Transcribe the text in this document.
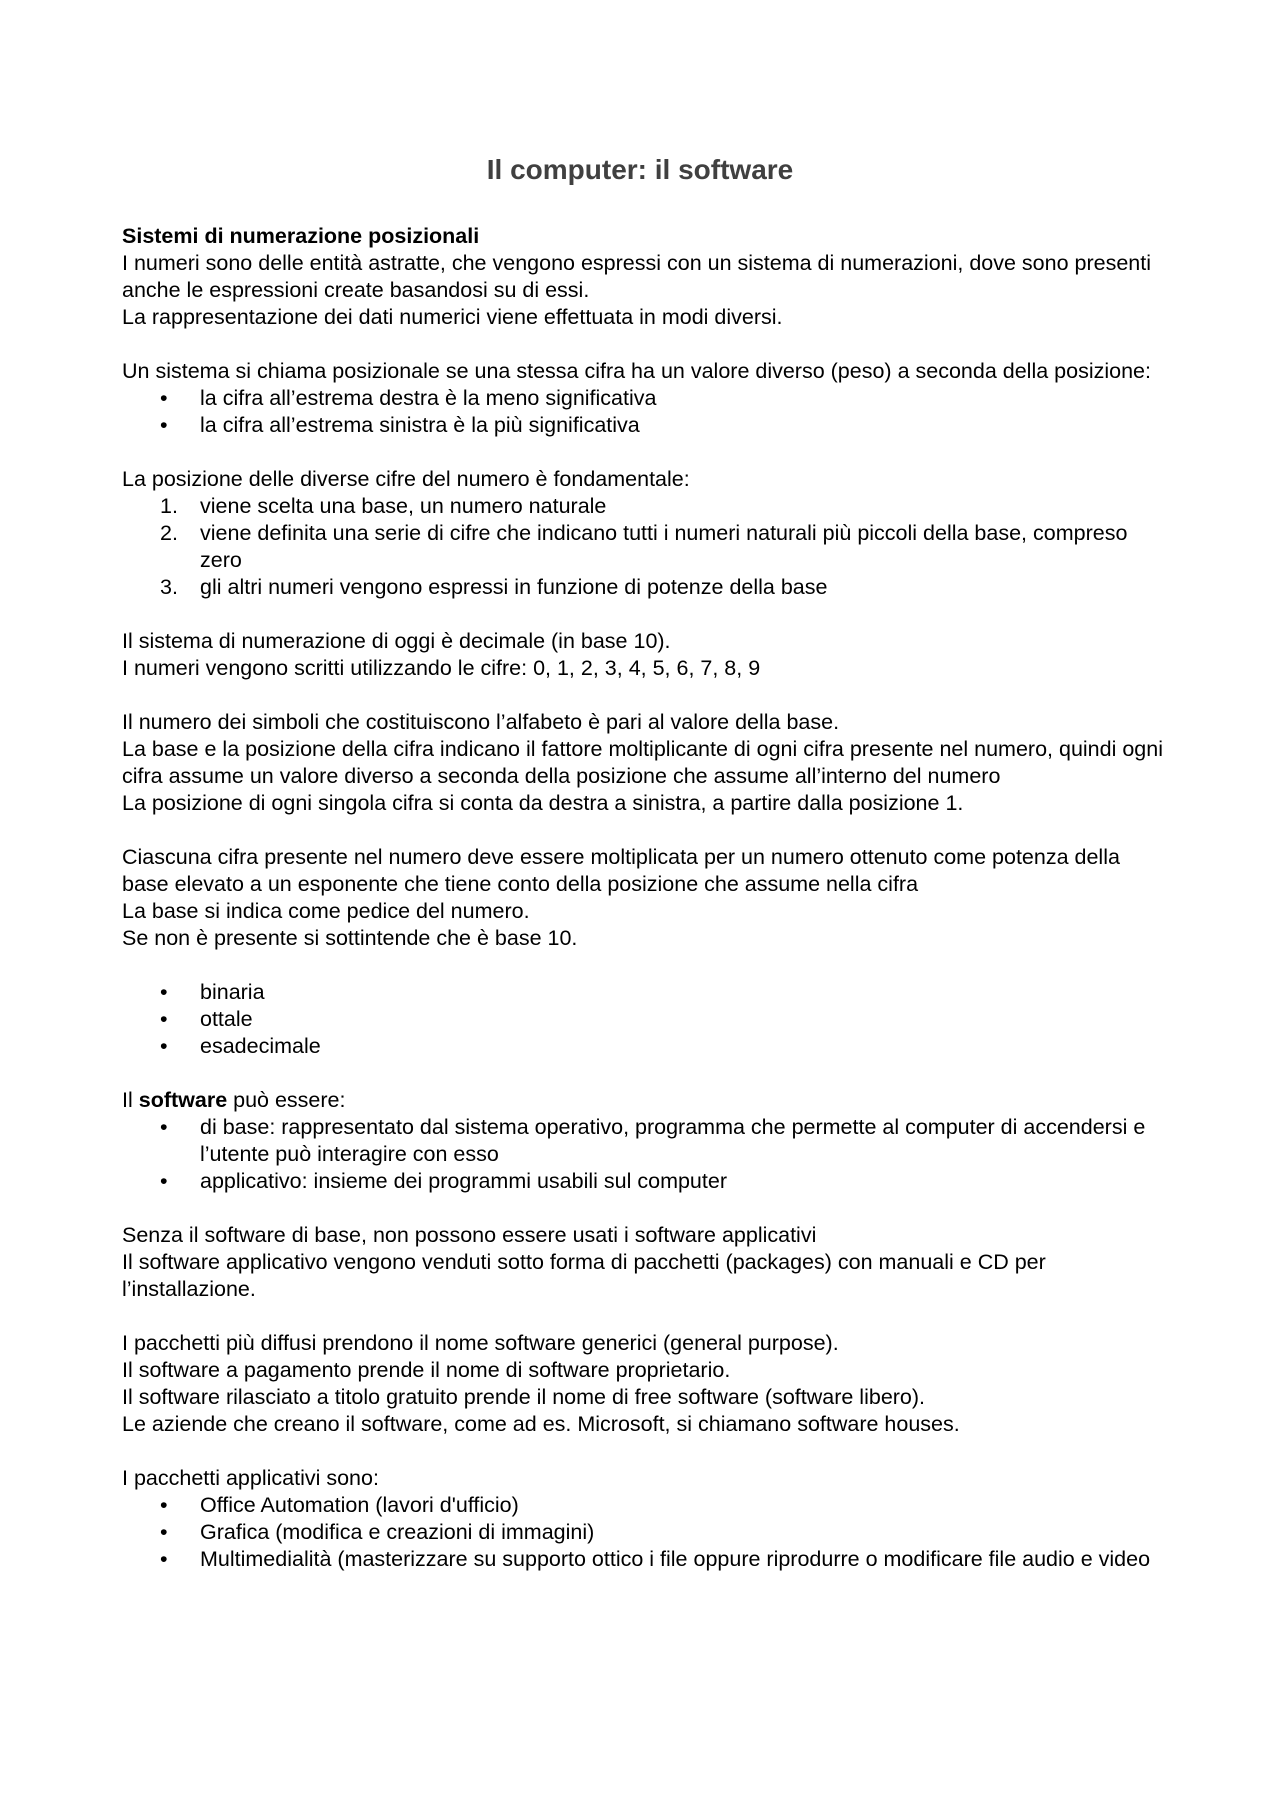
Il computer: il software

Sistemi di numerazione posizionali

I numeri sono delle entità astratte, che vengono espressi con un sistema di numerazioni, dove sono presenti anche le espressioni create basandosi su di essi.

La rappresentazione dei dati numerici viene effettuata in modi diversi.

Un sistema si chiama posizionale se una stessa cifra ha un valore diverso (peso) a seconda della posizione:

• la cifra all’estrema destra è la meno significativa
• la cifra all’estrema sinistra è la più significativa

La posizione delle diverse cifre del numero è fondamentale:

1. viene scelta una base, un numero naturale
2. viene definita una serie di cifre che indicano tutti i numeri naturali più piccoli della base, compreso zero
3. gli altri numeri vengono espressi in funzione di potenze della base

Il sistema di numerazione di oggi è decimale (in base 10).

I numeri vengono scritti utilizzando le cifre: 0, 1, 2, 3, 4, 5, 6, 7, 8, 9

Il numero dei simboli che costituiscono l’alfabeto è pari al valore della base.

La base e la posizione della cifra indicano il fattore moltiplicante di ogni cifra presente nel numero, quindi ogni cifra assume un valore diverso a seconda della posizione che assume all’interno del numero

La posizione di ogni singola cifra si conta da destra a sinistra, a partire dalla posizione 1.

Ciascuna cifra presente nel numero deve essere moltiplicata per un numero ottenuto come potenza della base elevato a un esponente che tiene conto della posizione che assume nella cifra

La base si indica come pedice del numero.

Se non è presente si sottintende che è base 10.

• binaria
• ottale
• esadecimale

Il software può essere:

• di base: rappresentato dal sistema operativo, programma che permette al computer di accendersi e l’utente può interagire con esso
• applicativo: insieme dei programmi usabili sul computer

Senza il software di base, non possono essere usati i software applicativi

Il software applicativo vengono venduti sotto forma di pacchetti (packages) con manuali e CD per l’installazione.

I pacchetti più diffusi prendono il nome software generici (general purpose).

Il software a pagamento prende il nome di software proprietario.

Il software rilasciato a titolo gratuito prende il nome di free software (software libero).

Le aziende che creano il software, come ad es. Microsoft, si chiamano software houses.

I pacchetti applicativi sono:

• Office Automation (lavori d'ufficio)
• Grafica (modifica e creazioni di immagini)
• Multimedialità (masterizzare su supporto ottico i file oppure riprodurre o modificare file audio e video
